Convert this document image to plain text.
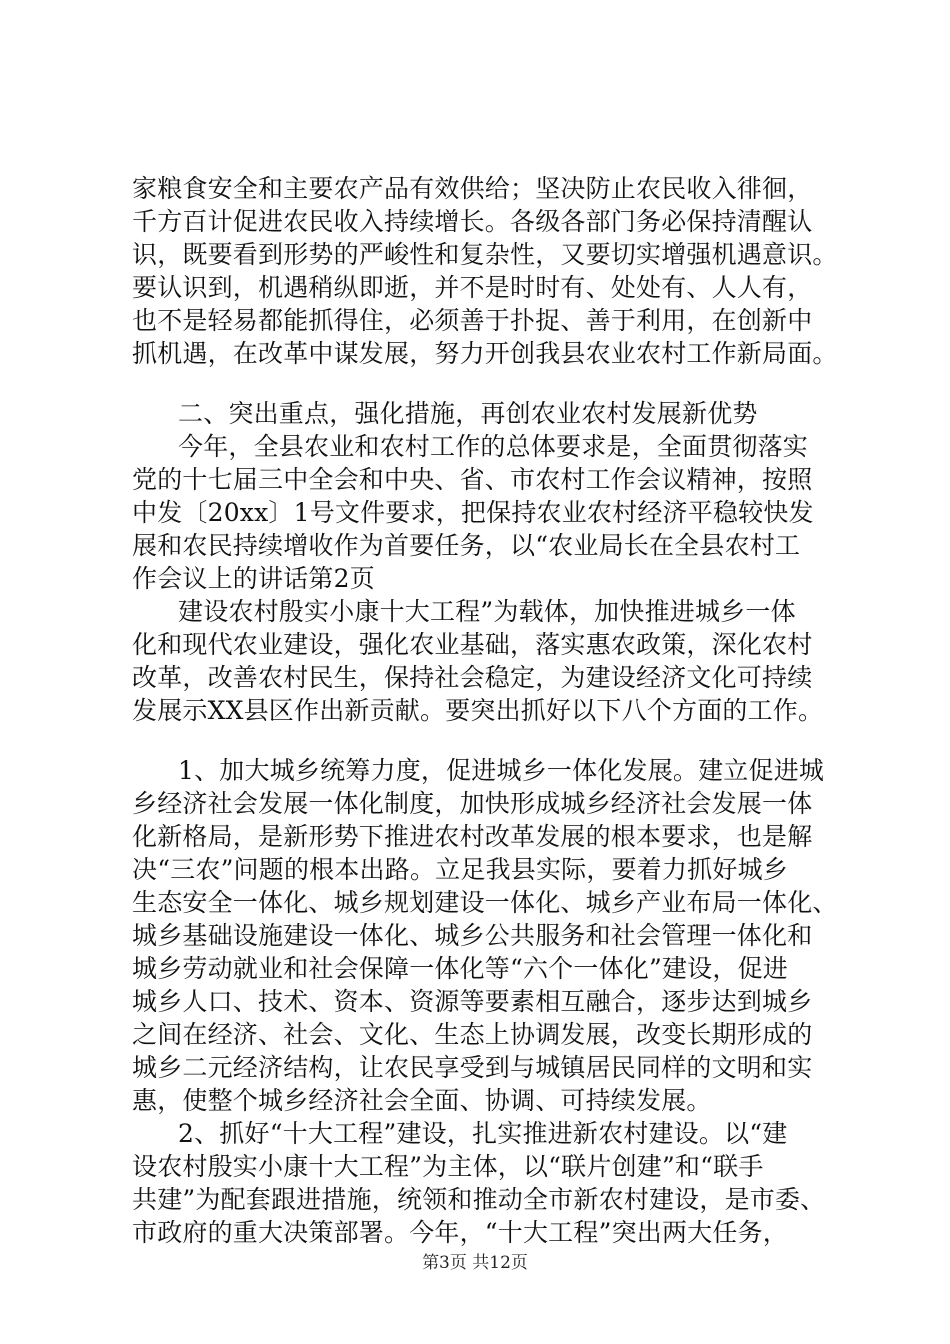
家粮食安全和主要农产品有效供给；坚决防止农民收入徘徊，
千方百计促进农民收入持续增长。各级各部门务必保持清醒认
识，既要看到形势的严峻性和复杂性，又要切实增强机遇意识。
要认识到，机遇稍纵即逝，并不是时时有、处处有、人人有，
也不是轻易都能抓得住，必须善于扑捉、善于利用，在创新中
抓机遇，在改革中谋发展，努力开创我县农业农村工作新局面。
二、突出重点，强化措施，再创农业农村发展新优势
今年，全县农业和农村工作的总体要求是，全面贯彻落实
党的十七届三中全会和中央、省、市农村工作会议精神，按照
中发〔20xx〕1号文件要求，把保持农业农村经济平稳较快发
展和农民持续增收作为首要任务，以“农业局长在全县农村工
作会议上的讲话第2页
建设农村殷实小康十大工程”为载体，加快推进城乡一体
化和现代农业建设，强化农业基础，落实惠农政策，深化农村
改革，改善农村民生，保持社会稳定，为建设经济文化可持续
发展示XX县区作出新贡献。要突出抓好以下八个方面的工作。
1、加大城乡统筹力度，促进城乡一体化发展。建立促进城
乡经济社会发展一体化制度，加快形成城乡经济社会发展一体
化新格局，是新形势下推进农村改革发展的根本要求，也是解
决“三农”问题的根本出路。立足我县实际，要着力抓好城乡
生态安全一体化、城乡规划建设一体化、城乡产业布局一体化、
城乡基础设施建设一体化、城乡公共服务和社会管理一体化和
城乡劳动就业和社会保障一体化等“六个一体化”建设，促进
城乡人口、技术、资本、资源等要素相互融合，逐步达到城乡
之间在经济、社会、文化、生态上协调发展，改变长期形成的
城乡二元经济结构，让农民享受到与城镇居民同样的文明和实
惠，使整个城乡经济社会全面、协调、可持续发展。
2、抓好“十大工程”建设，扎实推进新农村建设。以“建
设农村殷实小康十大工程”为主体，以“联片创建”和“联手
共建”为配套跟进措施，统领和推动全市新农村建设，是市委、
市政府的重大决策部署。今年，“十大工程”突出两大任务，
第3页 共12页
